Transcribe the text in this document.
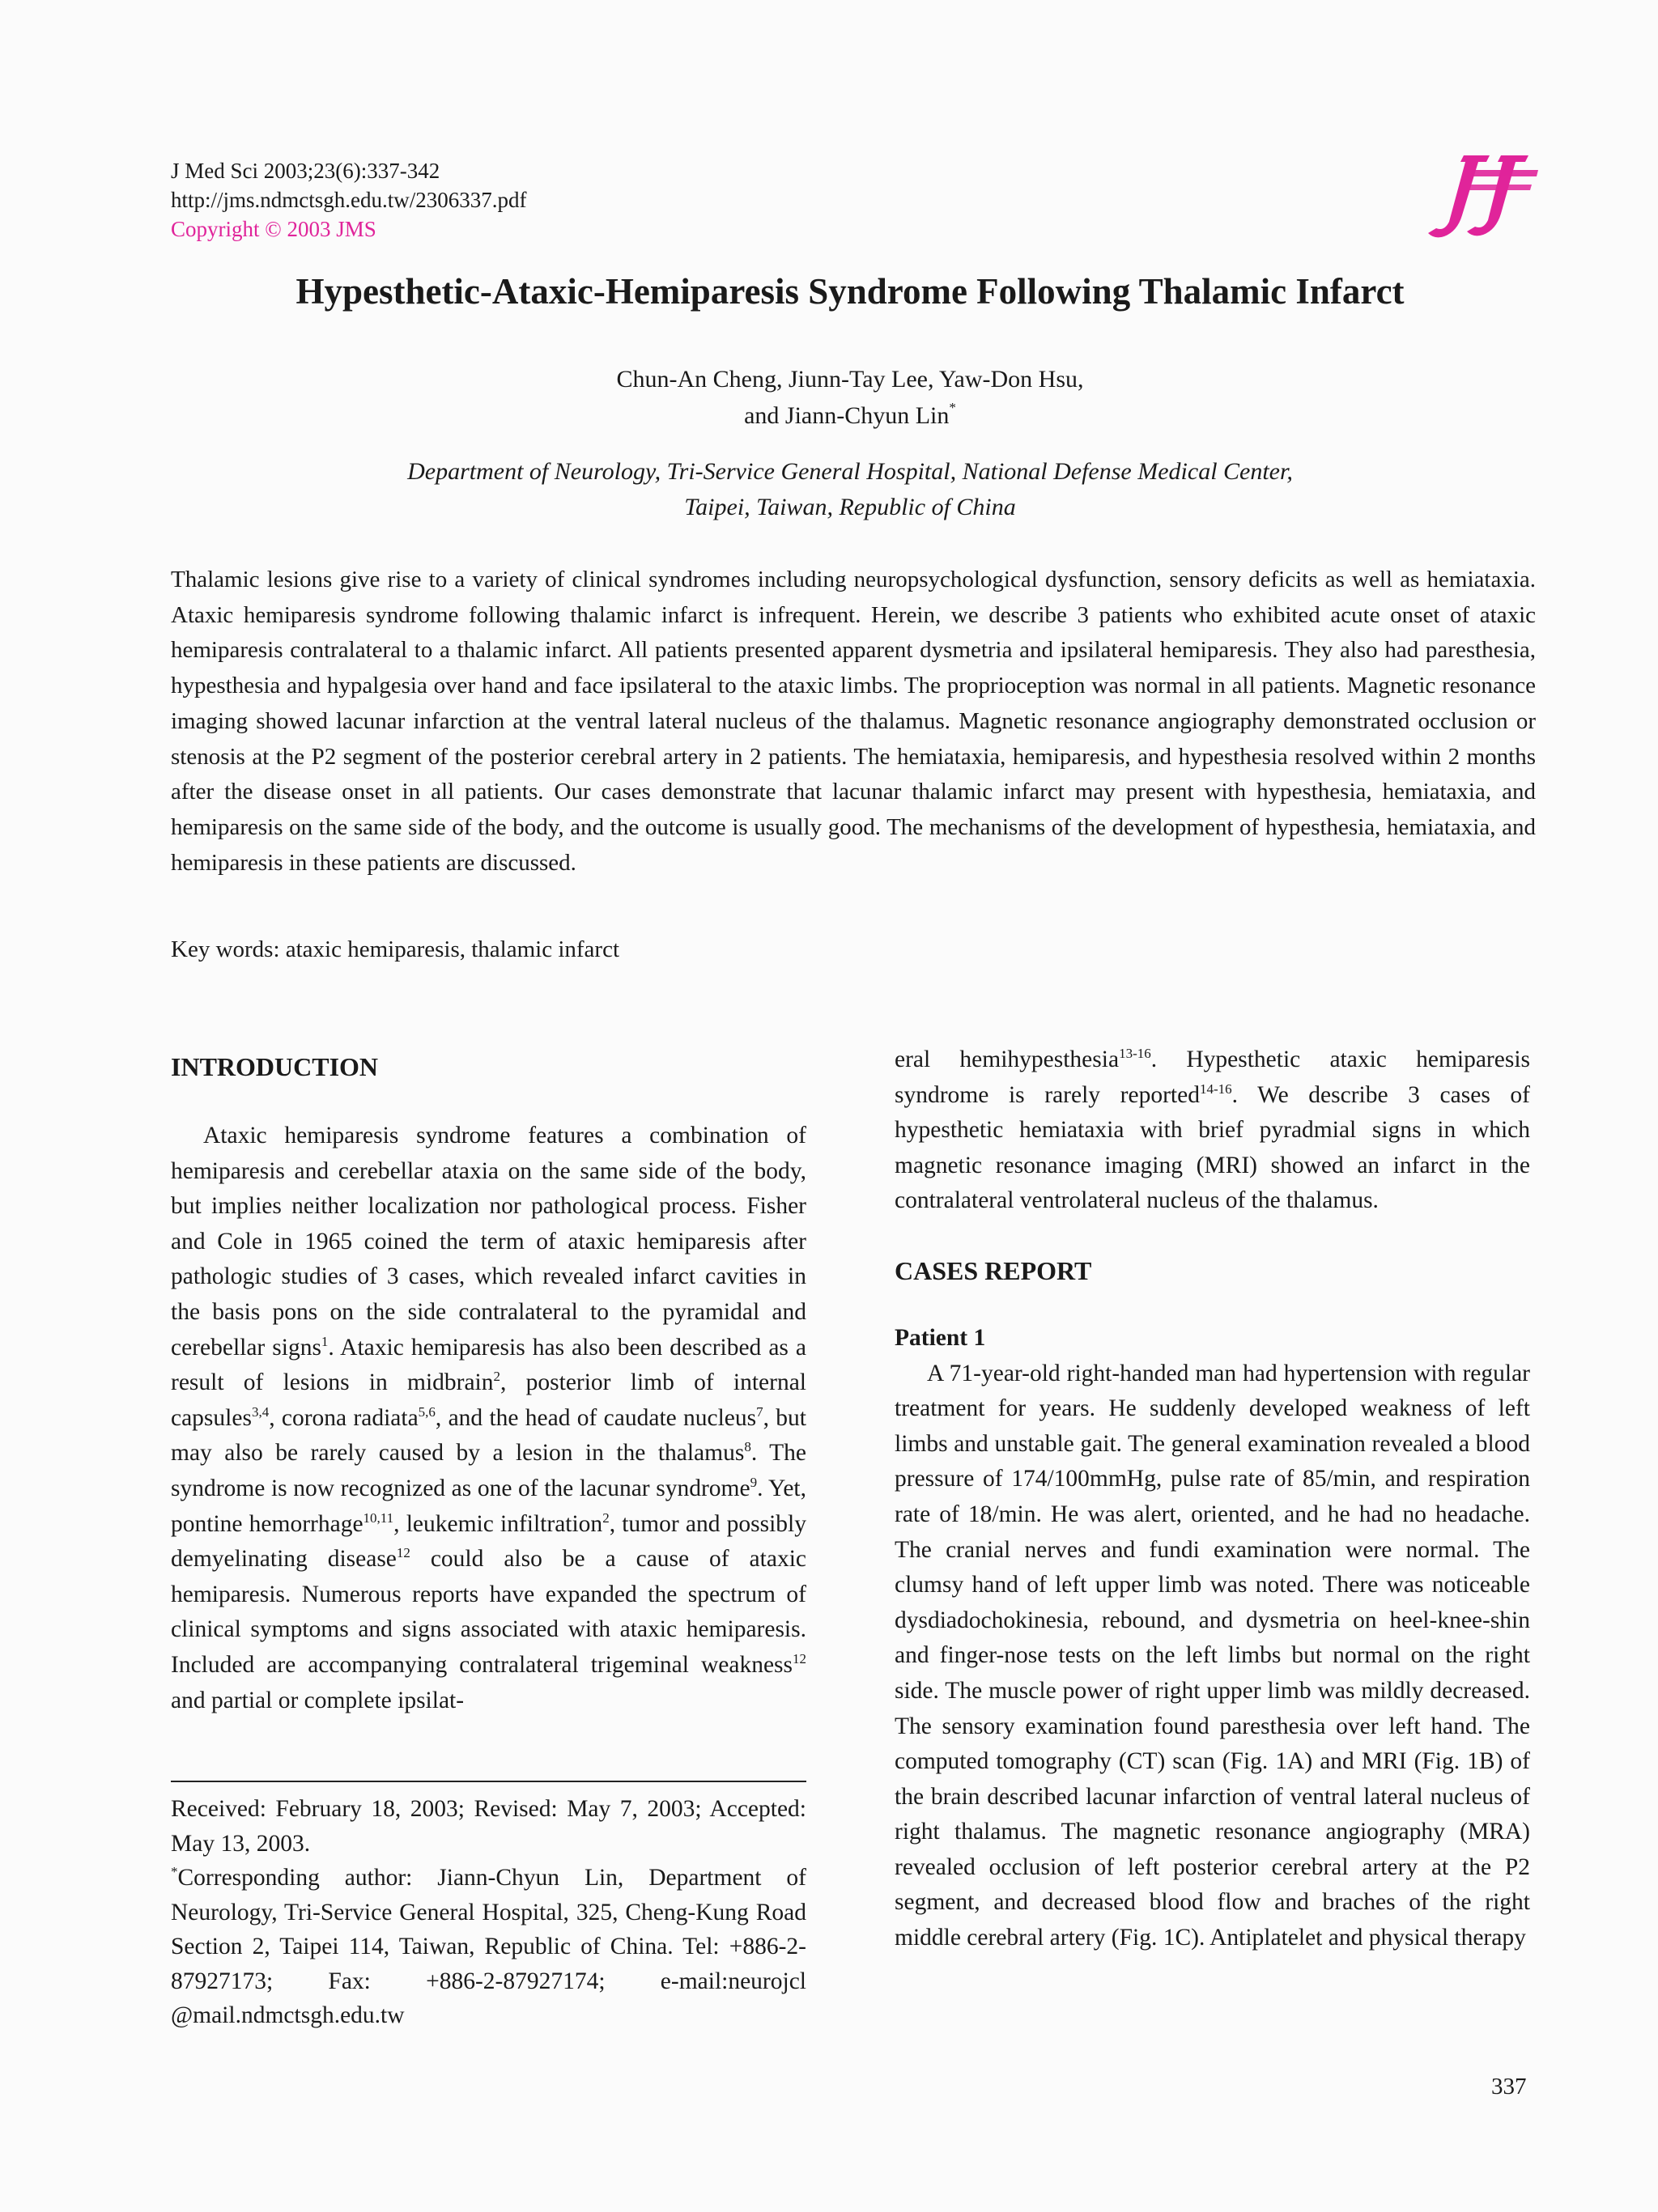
J Med Sci 2003;23(6):337-342
http://jms.ndmctsgh.edu.tw/2306337.pdf
Copyright © 2003 JMS
Hypesthetic-Ataxic-Hemiparesis Syndrome Following Thalamic Infarct
Chun-An Cheng, Jiunn-Tay Lee, Yaw-Don Hsu,
and Jiann-Chyun Lin*
Department of Neurology, Tri-Service General Hospital, National Defense Medical Center,
Taipei, Taiwan, Republic of China

Thalamic lesions give rise to a variety of clinical syndromes including neuropsychological dysfunction, sensory deficits as well as hemiataxia. Ataxic hemiparesis syndrome following thalamic infarct is infrequent. Herein, we describe 3 patients who exhibited acute onset of ataxic hemiparesis contralateral to a thalamic infarct. All patients presented apparent dysmetria and ipsilateral hemiparesis. They also had paresthesia, hypesthesia and hypalgesia over hand and face ipsilateral to the ataxic limbs. The proprioception was normal in all patients. Magnetic resonance imaging showed lacunar infarction at the ventral lateral nucleus of the thalamus. Magnetic resonance angiography demonstrated occlusion or stenosis at the P2 segment of the posterior cerebral artery in 2 patients. The hemiataxia, hemiparesis, and hypesthesia resolved within 2 months after the disease onset in all patients. Our cases demonstrate that lacunar thalamic infarct may present with hypesthesia, hemiataxia, and hemiparesis on the same side of the body, and the outcome is usually good. The mechanisms of the development of hypesthesia, hemiataxia, and hemiparesis in these patients are discussed.

Key words: ataxic hemiparesis, thalamic infarct
INTRODUCTION

Ataxic hemiparesis syndrome features a combination of hemiparesis and cerebellar ataxia on the same side of the body, but implies neither localization nor pathological process. Fisher and Cole in 1965 coined the term of ataxic hemiparesis after pathologic studies of 3 cases, which revealed infarct cavities in the basis pons on the side contralateral to the pyramidal and cerebellar signs$^1$. Ataxic hemiparesis has also been described as a result of lesions in midbrain$^2$, posterior limb of internal capsules$^{3,4}$, corona radiata$^{5,6}$, and the head of caudate nucleus$^7$, but may also be rarely caused by a lesion in the thalamus$^8$. The syndrome is now recognized as one of the lacunar syndrome$^9$. Yet, pontine hemorrhage$^{10,11}$, leukemic infiltration$^2$, tumor and possibly demyelinating disease$^{12}$ could also be a cause of ataxic hemiparesis. Numerous reports have expanded the spectrum of clinical symptoms and signs associated with ataxic hemiparesis. Included are accompanying contralateral trigeminal weakness$^{12}$ and partial or complete ipsilat-

Received: February 18, 2003; Revised: May 7, 2003; Accepted: May 13, 2003.

*Corresponding author: Jiann-Chyun Lin, Department of Neurology, Tri-Service General Hospital, 325, Cheng-Kung Road Section 2, Taipei 114, Taiwan, Republic of China. Tel: +886-2-87927173; Fax: +886-2-87927174; e-mail:neurojcl @mail.ndmctsgh.edu.tw

eral hemihypesthesia$^{13-16}$. Hypesthetic ataxic hemiparesis syndrome is rarely reported$^{14-16}$. We describe 3 cases of hypesthetic hemiataxia with brief pyradmial signs in which magnetic resonance imaging (MRI) showed an infarct in the contralateral ventrolateral nucleus of the thalamus.

CASES REPORT
Patient 1

A 71-year-old right-handed man had hypertension with regular treatment for years. He suddenly developed weakness of left limbs and unstable gait. The general examination revealed a blood pressure of 174/100mmHg, pulse rate of 85/min, and respiration rate of 18/min. He was alert, oriented, and he had no headache. The cranial nerves and fundi examination were normal. The clumsy hand of left upper limb was noted. There was noticeable dysdiadochokinesia, rebound, and dysmetria on heel-knee-shin and finger-nose tests on the left limbs but normal on the right side. The muscle power of right upper limb was mildly decreased. The sensory examination found paresthesia over left hand. The computed tomography (CT) scan (Fig. 1A) and MRI (Fig. 1B) of the brain described lacunar infarction of ventral lateral nucleus of right thalamus. The magnetic resonance angiography (MRA) revealed occlusion of left posterior cerebral artery at the P2 segment, and decreased blood flow and braches of the right middle cerebral artery (Fig. 1C). Antiplatelet and physical therapy

337
